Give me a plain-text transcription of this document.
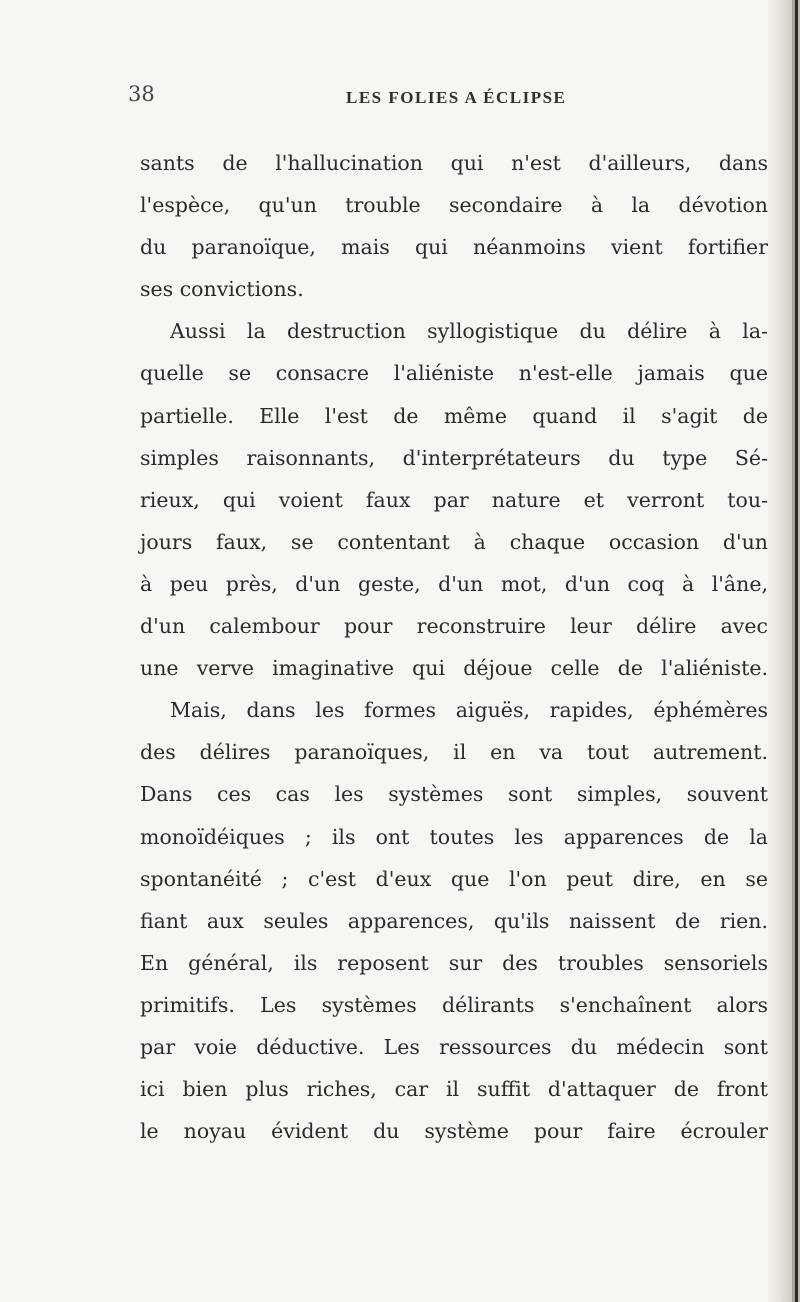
38	LES FOLIES A ÉCLIPSE
sants de l'hallucination qui n'est d'ailleurs, dans
l'espèce, qu'un trouble secondaire à la dévotion
du paranoïque, mais qui néanmoins vient fortifier
ses convictions.
Aussi la destruction syllogistique du délire à la-
quelle se consacre l'aliéniste n'est-elle jamais que
partielle. Elle l'est de même quand il s'agit de
simples raisonnants, d'interprétateurs du type Sé-
rieux, qui voient faux par nature et verront tou-
jours faux, se contentant à chaque occasion d'un
à peu près, d'un geste, d'un mot, d'un coq à l'âne,
d'un calembour pour reconstruire leur délire avec
une verve imaginative qui déjoue celle de l'aliéniste.
Mais, dans les formes aiguës, rapides, éphémères
des délires paranoïques, il en va tout autrement.
Dans ces cas les systèmes sont simples, souvent
monoïdéiques ; ils ont toutes les apparences de la
spontanéité ; c'est d'eux que l'on peut dire, en se
fiant aux seules apparences, qu'ils naissent de rien.
En général, ils reposent sur des troubles sensoriels
primitifs. Les systèmes délirants s'enchaînent alors
par voie déductive. Les ressources du médecin sont
ici bien plus riches, car il suffit d'attaquer de front
le noyau évident du système pour faire écrouler
